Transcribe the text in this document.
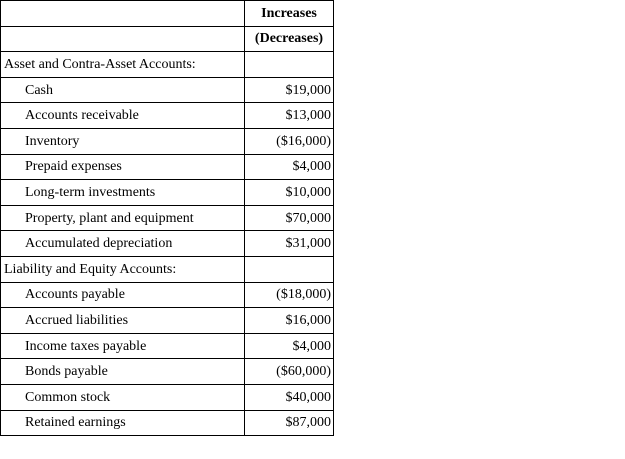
	Increases
	(Decreases)
Asset and Contra-Asset Accounts:	
Cash	$19,000
Accounts receivable	$13,000
Inventory	($16,000)
Prepaid expenses	$4,000
Long-term investments	$10,000
Property, plant and equipment	$70,000
Accumulated depreciation	$31,000
Liability and Equity Accounts:	
Accounts payable	($18,000)
Accrued liabilities	$16,000
Income taxes payable	$4,000
Bonds payable	($60,000)
Common stock	$40,000
Retained earnings	$87,000
